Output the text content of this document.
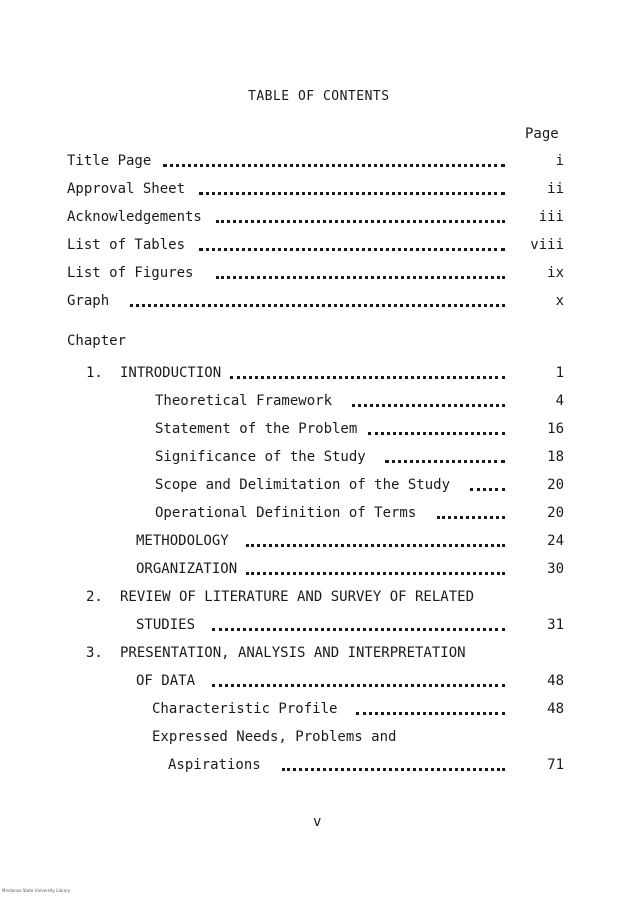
TABLE OF CONTENTS
Page
Title Page	i
Approval Sheet	ii
Acknowledgements	iii
List of Tables	viii
List of Figures	ix
Graph	x
Chapter
1. INTRODUCTION	1
Theoretical Framework	4
Statement of the Problem	16
Significance of the Study	18
Scope and Delimitation of the Study	20
Operational Definition of Terms	20
METHODOLOGY	24
ORGANIZATION	30
2. REVIEW OF LITERATURE AND SURVEY OF RELATED
STUDIES	31
3. PRESENTATION, ANALYSIS AND INTERPRETATION
OF DATA	48
Characteristic Profile	48
Expressed Needs, Problems and
Aspirations	71
v
Mindanao State University Library
